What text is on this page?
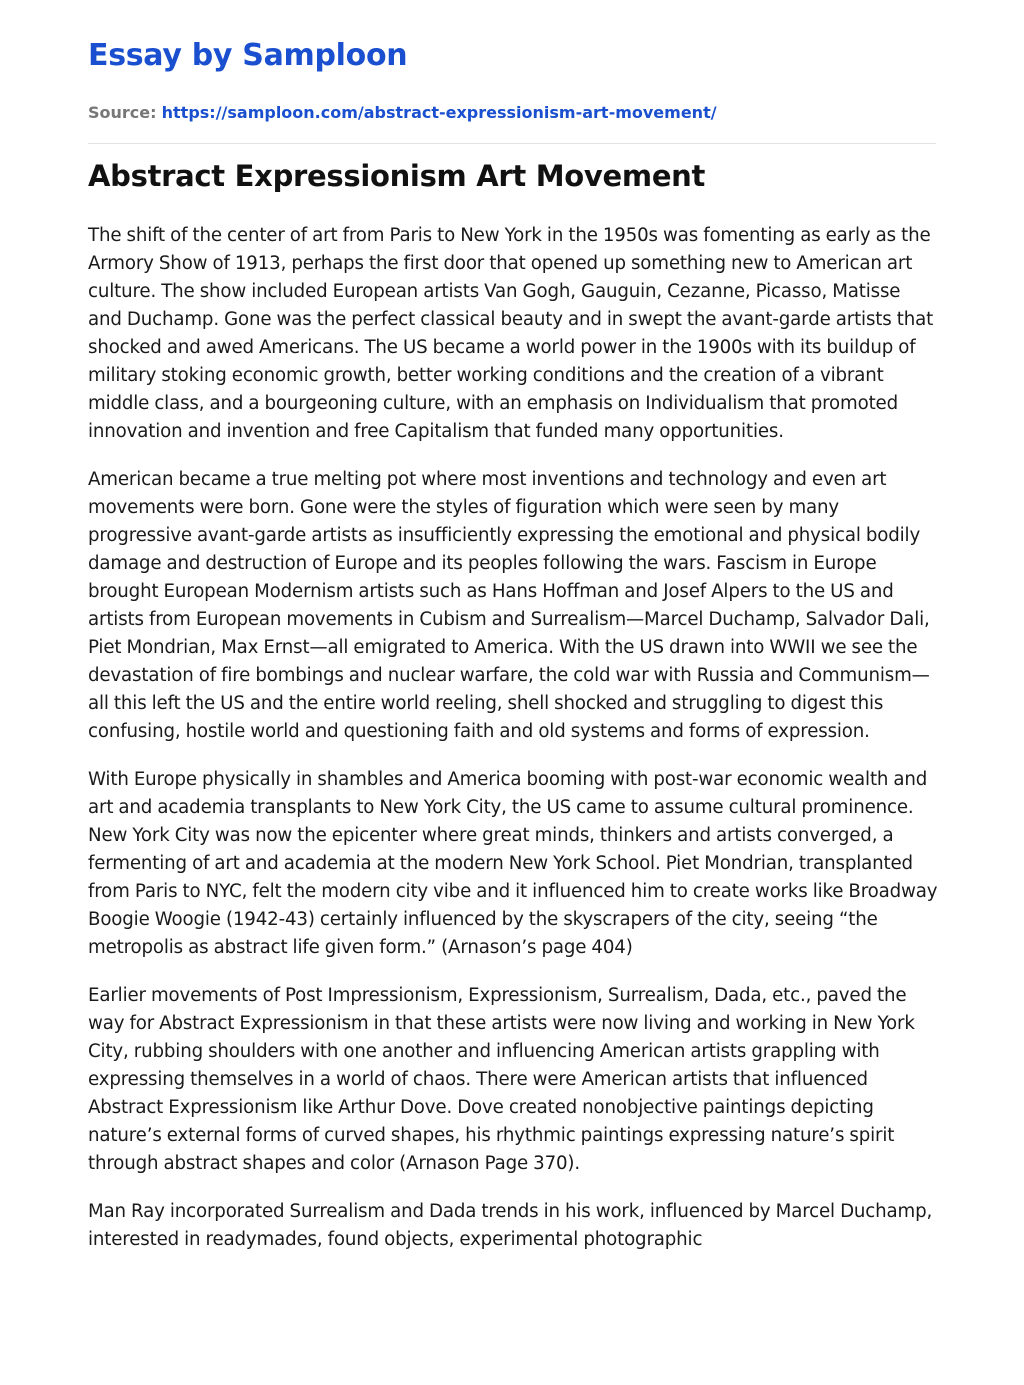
Essay by Samploon
Source: https://samploon.com/abstract-expressionism-art-movement/
Abstract Expressionism Art Movement

The shift of the center of art from Paris to New York in the 1950s was fomenting as early as the Armory Show of 1913, perhaps the first door that opened up something new to American art culture. The show included European artists Van Gogh, Gauguin, Cezanne, Picasso, Matisse and Duchamp. Gone was the perfect classical beauty and in swept the avant-garde artists that shocked and awed Americans. The US became a world power in the 1900s with its buildup of military stoking economic growth, better working conditions and the creation of a vibrant middle class, and a bourgeoning culture, with an emphasis on Individualism that promoted innovation and invention and free Capitalism that funded many opportunities.

American became a true melting pot where most inventions and technology and even art movements were born. Gone were the styles of figuration which were seen by many progressive avant-garde artists as insufficiently expressing the emotional and physical bodily damage and destruction of Europe and its peoples following the wars. Fascism in Europe brought European Modernism artists such as Hans Hoffman and Josef Alpers to the US and artists from European movements in Cubism and Surrealism—Marcel Duchamp, Salvador Dali, Piet Mondrian, Max Ernst—all emigrated to America. With the US drawn into WWII we see the devastation of fire bombings and nuclear warfare, the cold war with Russia and Communism—all this left the US and the entire world reeling, shell shocked and struggling to digest this confusing, hostile world and questioning faith and old systems and forms of expression.

With Europe physically in shambles and America booming with post-war economic wealth and art and academia transplants to New York City, the US came to assume cultural prominence. New York City was now the epicenter where great minds, thinkers and artists converged, a fermenting of art and academia at the modern New York School. Piet Mondrian, transplanted from Paris to NYC, felt the modern city vibe and it influenced him to create works like Broadway Boogie Woogie (1942-43) certainly influenced by the skyscrapers of the city, seeing “the metropolis as abstract life given form.” (Arnason’s page 404)

Earlier movements of Post Impressionism, Expressionism, Surrealism, Dada, etc., paved the way for Abstract Expressionism in that these artists were now living and working in New York City, rubbing shoulders with one another and influencing American artists grappling with expressing themselves in a world of chaos. There were American artists that influenced Abstract Expressionism like Arthur Dove. Dove created nonobjective paintings depicting nature’s external forms of curved shapes, his rhythmic paintings expressing nature’s spirit through abstract shapes and color (Arnason Page 370).

Man Ray incorporated Surrealism and Dada trends in his work, influenced by Marcel Duchamp, interested in readymades, found objects, experimental photographic
